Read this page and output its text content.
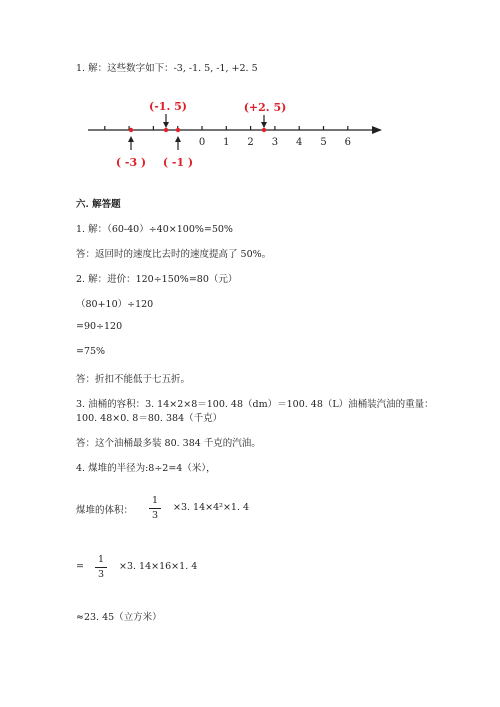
1. 解：这些数字如下：-3, -1. 5, -1, +2. 5
0 1 2 3 4 5 6
(-1. 5)	(+2. 5)
( -3 ) ( -1 )
六. 解答题
1. 解：（60-40）÷40×100%=50%
答：返回时的速度比去时的速度提高了 50%。
2. 解：进价：120÷150%=80（元）
（80+10）÷120
=90÷120
=75%
答：折扣不能低于七五折。
3. 油桶的容积：3. 14×2×8＝100. 48（dm）＝100. 48（L）油桶装汽油的重量：
100. 48×0. 8＝80. 384（千克）
答：这个油桶最多装 80. 384 千克的汽油。
4. 煤堆的半径为:8÷2=4（米），
煤堆的体积：
1
3
×3. 14×4²×1. 4
=
1
3
×3. 14×16×1. 4
≈23. 45（立方米）
